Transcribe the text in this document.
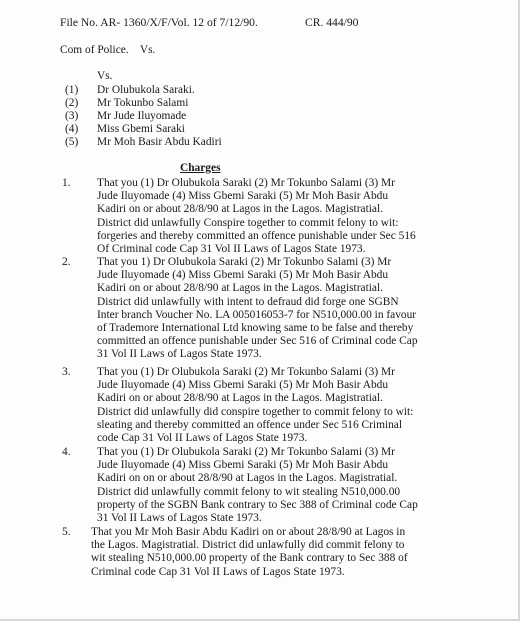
File No. AR- 1360/X/F/Vol. 12 of 7/12/90.	CR. 444/90
Com of Police.    Vs.
Vs.
(1) Dr Olubukola Saraki.
(2) Mr Tokunbo Salami
(3) Mr Jude Iluyomade
(4) Miss Gbemi Saraki
(5) Mr Moh Basir Abdu Kadiri
Charges
1. That you (1) Dr Olubukola Saraki (2) Mr Tokunbo Salami (3) Mr
Jude Iluyomade (4) Miss Gbemi Saraki (5) Mr Moh Basir Abdu
Kadiri on or about 28/8/90 at Lagos in the Lagos. Magistratial.
District did unlawfully Conspire together to commit felony to wit:
forgeries and thereby committed an offence punishable under Sec 516
Of Criminal code Cap 31 Vol II Laws of Lagos State 1973.
2. That you 1) Dr Olubukola Saraki (2) Mr Tokunbo Salami (3) Mr
Jude Iluyomade (4) Miss Gbemi Saraki (5) Mr Moh Basir Abdu
Kadiri on or about 28/8/90 at Lagos in the Lagos. Magistratial.
District did unlawfully with intent to defraud did forge one SGBN
Inter branch Voucher No. LA 005016053-7 for N510,000.00 in favour
of Trademore International Ltd knowing same to be false and thereby
committed an offence punishable under Sec 516 of Criminal code Cap
31 Vol II Laws of Lagos State 1973.
3. That you (1) Dr Olubukola Saraki (2) Mr Tokunbo Salami (3) Mr
Jude Iluyomade (4) Miss Gbemi Saraki (5) Mr Moh Basir Abdu
Kadiri on or about 28/8/90 at Lagos in the Lagos. Magistratial.
District did unlawfully did conspire together to commit felony to wit:
sleating and thereby committed an offence under Sec 516 Criminal
code Cap 31 Vol II Laws of Lagos State 1973.
4. That you (1) Dr Olubukola Saraki (2) Mr Tokunbo Salami (3) Mr
Jude Iluyomade (4) Miss Gbemi Saraki (5) Mr Moh Basir Abdu
Kadiri on on or about 28/8/90 at Lagos in the Lagos. Magistratial.
District did unlawfully commit felony to wit stealing N510,000.00
property of the SGBN Bank contrary to Sec 388 of Criminal code Cap
31 Vol II Laws of Lagos State 1973.
5. That you Mr Moh Basir Abdu Kadiri on or about 28/8/90 at Lagos in
the Lagos. Magistratial. District did unlawfully did commit felony to
wit stealing N510,000.00 property of the Bank contrary to Sec 388 of
Criminal code Cap 31 Vol II Laws of Lagos State 1973.
